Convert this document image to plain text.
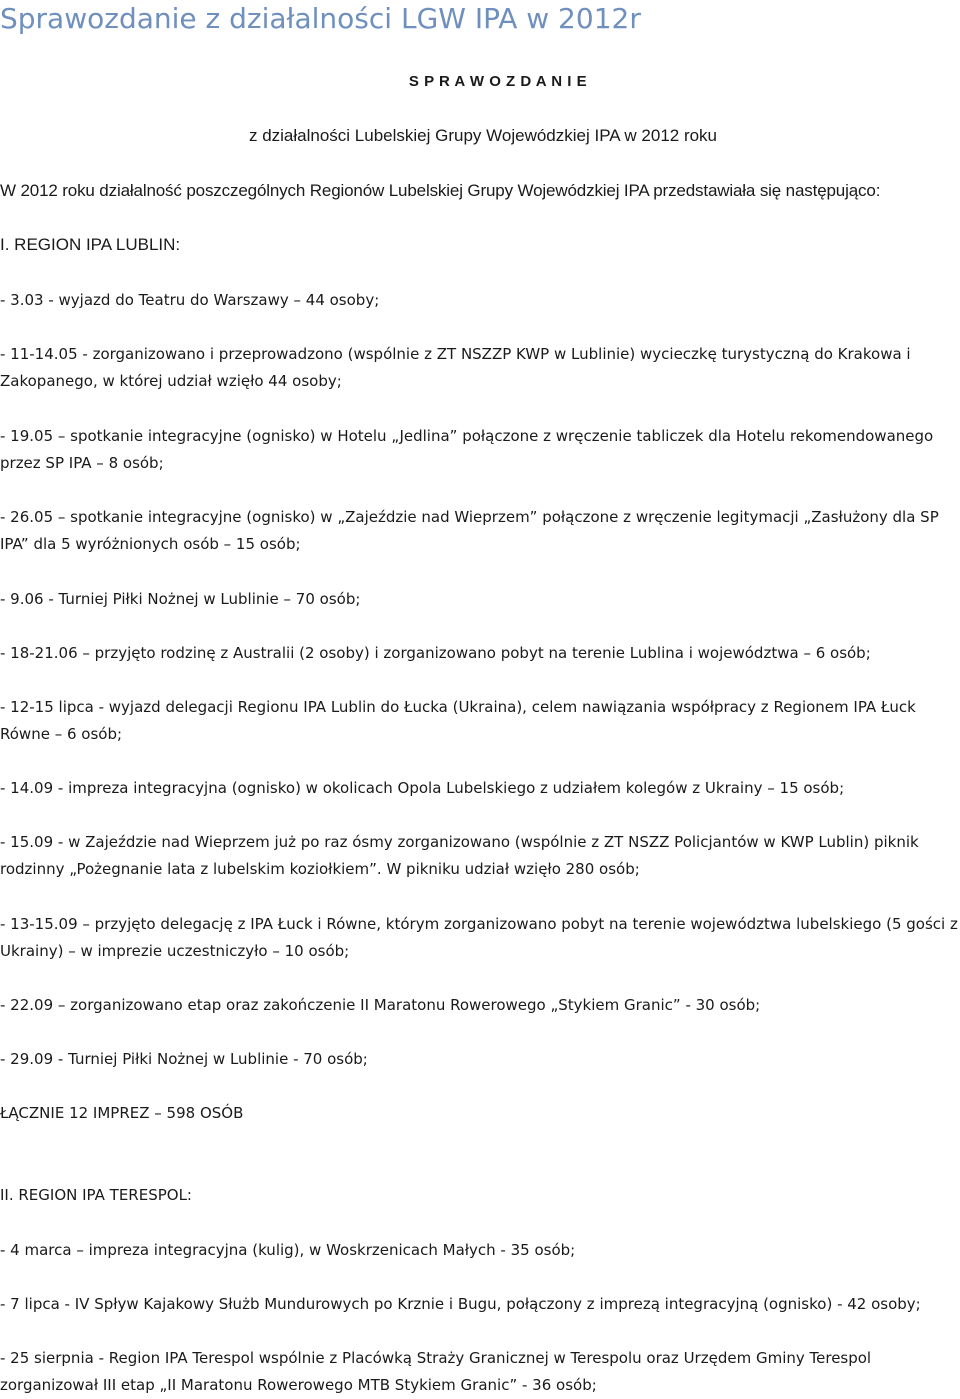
Sprawozdanie z działalności LGW IPA w 2012r

S P R A W O Z D A N I E

z działalności Lubelskiej Grupy Wojewódzkiej IPA w 2012 roku

W 2012 roku działalność poszczególnych Regionów Lubelskiej Grupy Wojewódzkiej IPA przedstawiała się następująco:

I. REGION IPA LUBLIN:

- 3.03 - wyjazd do Teatru do Warszawy – 44 osoby;

- 11-14.05 - zorganizowano i przeprowadzono (wspólnie z ZT NSZZP KWP w Lublinie) wycieczkę turystyczną do Krakowa i Zakopanego, w której udział wzięło 44 osoby;

- 19.05 – spotkanie integracyjne (ognisko) w Hotelu „Jedlina” połączone z wręczenie tabliczek dla Hotelu rekomendowanego przez SP IPA – 8 osób;

- 26.05 – spotkanie integracyjne (ognisko) w „Zajeździe nad Wieprzem” połączone z wręczenie legitymacji „Zasłużony dla SP IPA” dla 5 wyróżnionych osób – 15 osób;

- 9.06 - Turniej Piłki Nożnej w Lublinie – 70 osób;

- 18-21.06 – przyjęto rodzinę z Australii (2 osoby) i zorganizowano pobyt na terenie Lublina i województwa – 6 osób;

- 12-15 lipca - wyjazd delegacji Regionu IPA Lublin do Łucka (Ukraina), celem nawiązania współpracy z Regionem IPA Łuck Równe – 6 osób;

- 14.09 - impreza integracyjna (ognisko) w okolicach Opola Lubelskiego z udziałem kolegów z Ukrainy – 15 osób;

- 15.09 - w Zajeździe nad Wieprzem już po raz ósmy zorganizowano (wspólnie z ZT NSZZ Policjantów w KWP Lublin) piknik rodzinny „Pożegnanie lata z lubelskim koziołkiem”. W pikniku udział wzięło 280 osób;

- 13-15.09 – przyjęto delegację z IPA Łuck i Równe, którym zorganizowano pobyt na terenie województwa lubelskiego (5 gości z Ukrainy) – w imprezie uczestniczyło – 10 osób;

- 22.09 – zorganizowano etap oraz zakończenie II Maratonu Rowerowego „Stykiem Granic” - 30 osób;

- 29.09 - Turniej Piłki Nożnej w Lublinie - 70 osób;

ŁĄCZNIE 12 IMPREZ – 598 OSÓB

II. REGION IPA TERESPOL:

- 4 marca – impreza integracyjna (kulig), w Woskrzenicach Małych - 35 osób;

- 7 lipca - IV Spływ Kajakowy Służb Mundurowych po Krznie i Bugu, połączony z imprezą integracyjną (ognisko) - 42 osoby;

- 25 sierpnia - Region IPA Terespol wspólnie z Placówką Straży Granicznej w Terespolu oraz Urzędem Gminy Terespol zorganizował III etap „II Maratonu Rowerowego MTB Stykiem Granic” - 36 osób;
